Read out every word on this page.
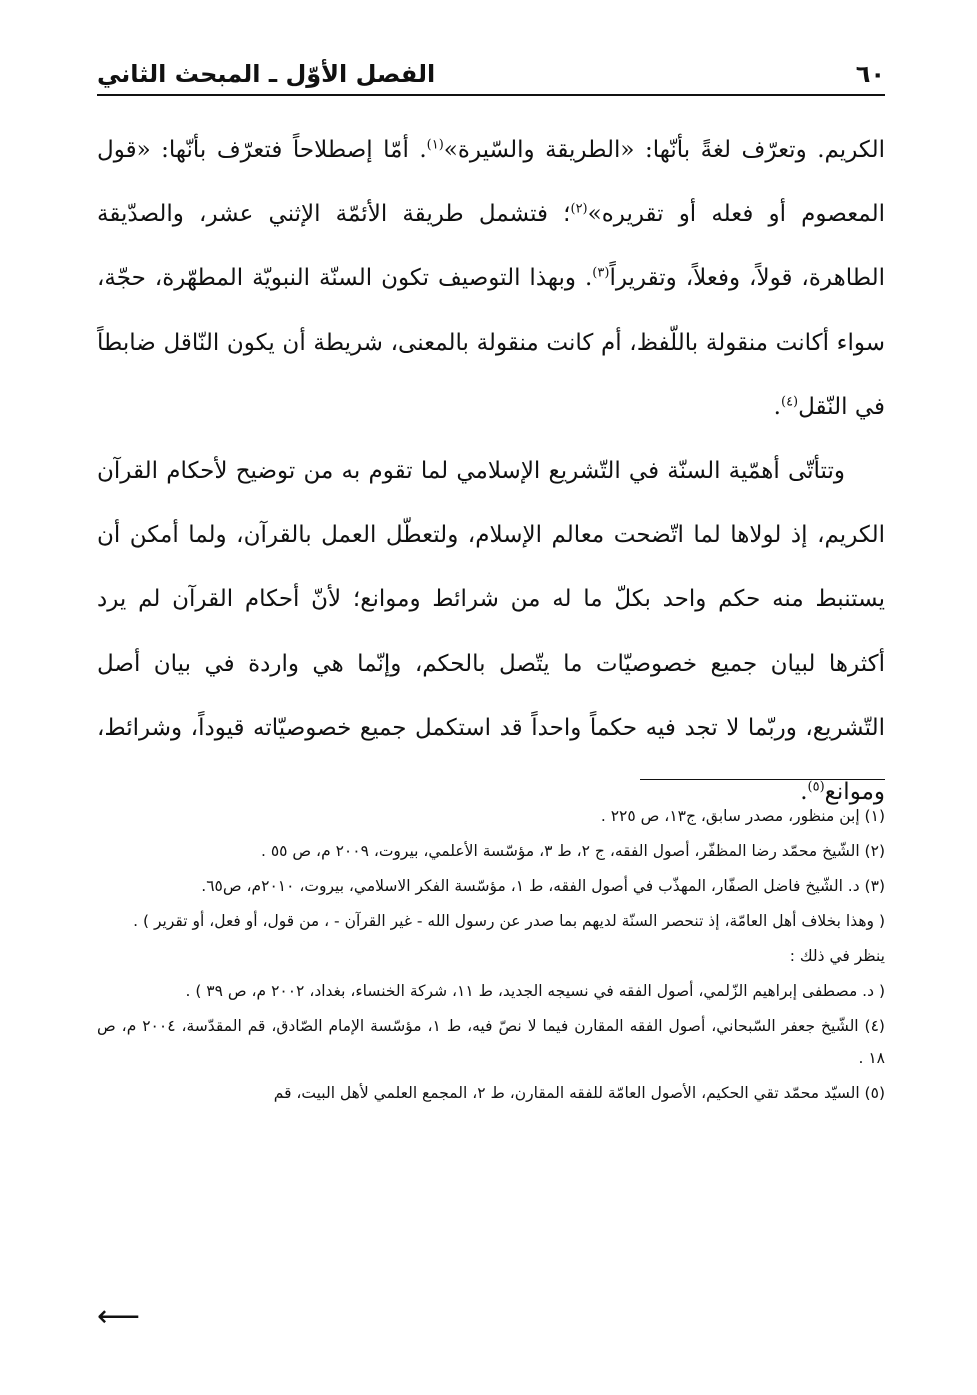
الفصل الأوّل ـ المبحث الثاني	٦٠

الكريم. وتعرّف لغةً بأنّها: «الطريقة والسّيرة»$^{(١)}$. أمّا إصطلاحاً فتعرّف بأنّها: «قول المعصوم أو فعله أو تقريره»$^{(٢)}$؛ فتشمل طريقة الأئمّة الإثني عشر، والصدّيقة الطاهرة، قولاً، وفعلاً، وتقريراً$^{(٣)}$. وبهذا التوصيف تكون السنّة النبويّة المطهّرة، حجّة، سواء أكانت منقولة باللّفظ، أم كانت منقولة بالمعنى، شريطة أن يكون النّاقل ضابطاً في النّقل$^{(٤)}$.

وتتأتّى أهمّية السنّة في التّشريع الإسلامي لما تقوم به من توضيح لأحكام القرآن الكريم، إذ لولاها لما اتّضحت معالم الإسلام، ولتعطّل العمل بالقرآن، ولما أمكن أن يستنبط منه حكم واحد بكلّ ما له من شرائط وموانع؛ لأنّ أحكام القرآن لم يرد أكثرها لبيان جميع خصوصيّات ما يتّصل بالحكم، وإنّما هي واردة في بيان أصل التّشريع، وربّما لا تجد فيه حكماً واحداً قد استكمل جميع خصوصيّاته قيوداً، وشرائط، وموانع$^{(٥)}$.

(١) إبن منظور، مصدر سابق، ج١٣، ص ٢٢٥ .

(٢) الشّيخ محمّد رضا المظفّر، أصول الفقه، ج ٢، ط ٣، مؤسّسة الأعلمي، بيروت، ٢٠٠٩ م، ص ٥٥ .

(٣) د. الشّيخ فاضل الصفّار، المهذّب في أصول الفقه، ط ١، مؤسّسة الفكر الاسلامي، بيروت، ٢٠١٠م، ص٦٥.

( وهذا بخلاف أهل العامّة، إذ تنحصر السنّة لديهم بما صدر عن رسول الله - غير القرآن - ، من قول، أو فعل، أو تقرير ) .

ينظر في ذلك :

( د. مصطفى إبراهيم الزّلمي، أصول الفقه في نسيجه الجديد، ط ١١، شركة الخنساء، بغداد، ٢٠٠٢ م، ص ٣٩ ) .

(٤) الشّيخ جعفر السّبحاني، أصول الفقه المقارن فيما لا نصّ فيه، ط ١، مؤسّسة الإمام الصّادق، قم المقدّسة، ٢٠٠٤ م، ص ١٨ .

(٥) السيّد محمّد تقي الحكيم، الأصول العامّة للفقه المقارن، ط ٢، المجمع العلمي لأهل البيت، قم

⟵
